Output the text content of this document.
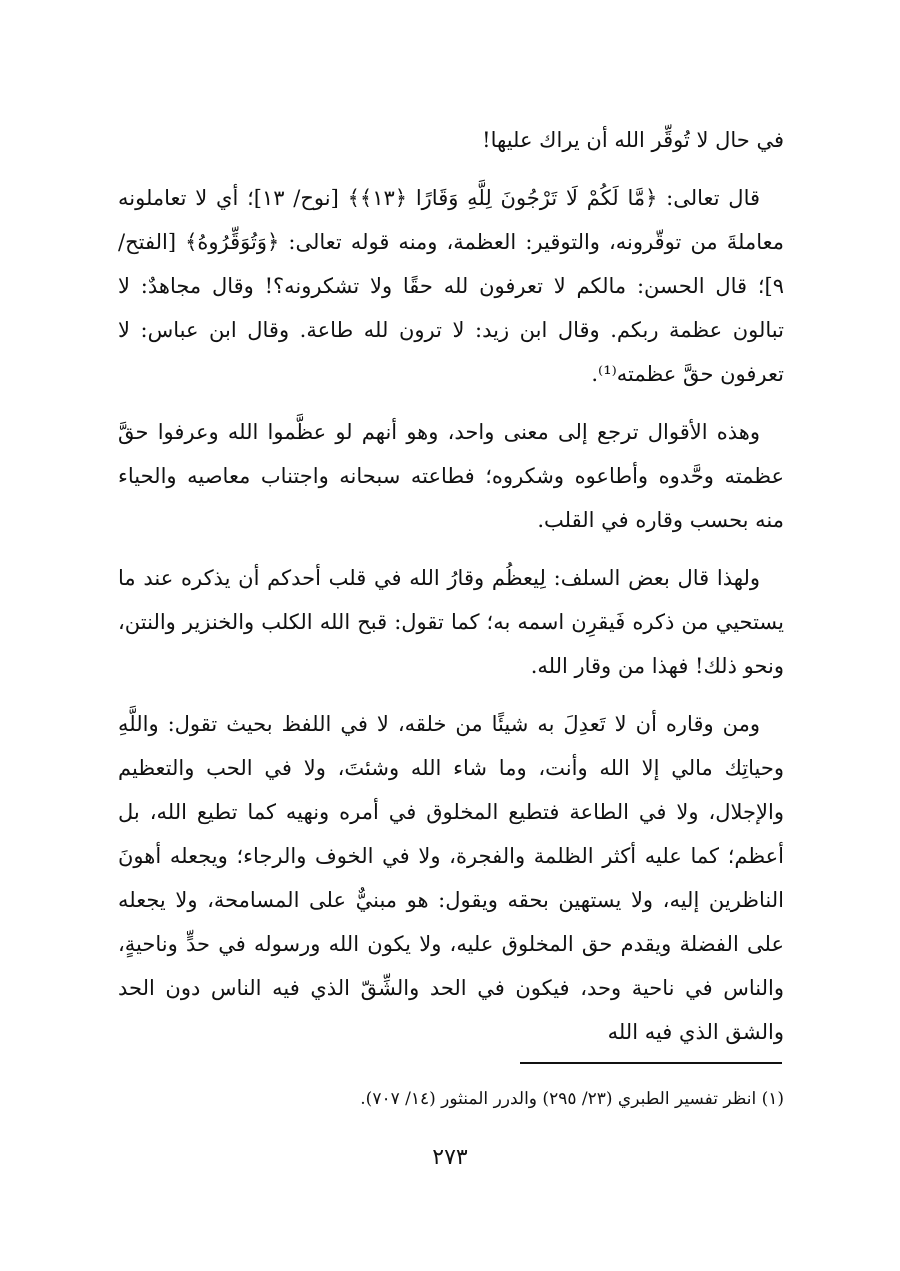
في حال لا تُوقِّر الله أن يراك عليها!

قال تعالى: ﴿مَّا لَكُمْ لَا تَرْجُونَ لِلَّهِ وَقَارًا ﴿١٣﴾﴾ [نوح/ ١٣]؛ أي لا تعاملونه معاملةَ من توقّرونه، والتوقير: العظمة، ومنه قوله تعالى: ﴿وَتُوَقِّرُوهُ﴾ [الفتح/ ٩]؛ قال الحسن: مالكم لا تعرفون لله حقًا ولا تشكرونه؟! وقال مجاهدٌ: لا تبالون عظمة ربكم. وقال ابن زيد: لا ترون لله طاعة. وقال ابن عباس: لا تعرفون حقَّ عظمته⁽¹⁾.

وهذه الأقوال ترجع إلى معنى واحد، وهو أنهم لو عظَّموا الله وعرفوا حقَّ عظمته وحَّدوه وأطاعوه وشكروه؛ فطاعته سبحانه واجتناب معاصيه والحياء منه بحسب وقاره في القلب.

ولهذا قال بعض السلف: لِيعظُم وقارُ الله في قلب أحدكم أن يذكره عند ما يستحيي من ذكره فَيقرِن اسمه به؛ كما تقول: قبح الله الكلب والخنزير والنتن، ونحو ذلك! فهذا من وقار الله.

ومن وقاره أن لا تَعدِلَ به شيئًا من خلقه، لا في اللفظ بحيث تقول: واللَّهِ وحياتِك مالي إلا الله وأنت، وما شاء الله وشئتَ، ولا في الحب والتعظيم والإجلال، ولا في الطاعة فتطيع المخلوق في أمره ونهيه كما تطيع الله، بل أعظم؛ كما عليه أكثر الظلمة والفجرة، ولا في الخوف والرجاء؛ ويجعله أهونَ الناظرين إليه، ولا يستهين بحقه ويقول: هو مبنيٌّ على المسامحة، ولا يجعله على الفضلة ويقدم حق المخلوق عليه، ولا يكون الله ورسوله في حدٍّ وناحيةٍ، والناس في ناحية وحد، فيكون في الحد والشِّقّ الذي فيه الناس دون الحد والشق الذي فيه الله

(١) انظر تفسير الطبري (٢٣/ ٢٩٥) والدرر المنثور (١٤/ ٧٠٧).
٢٧٣
